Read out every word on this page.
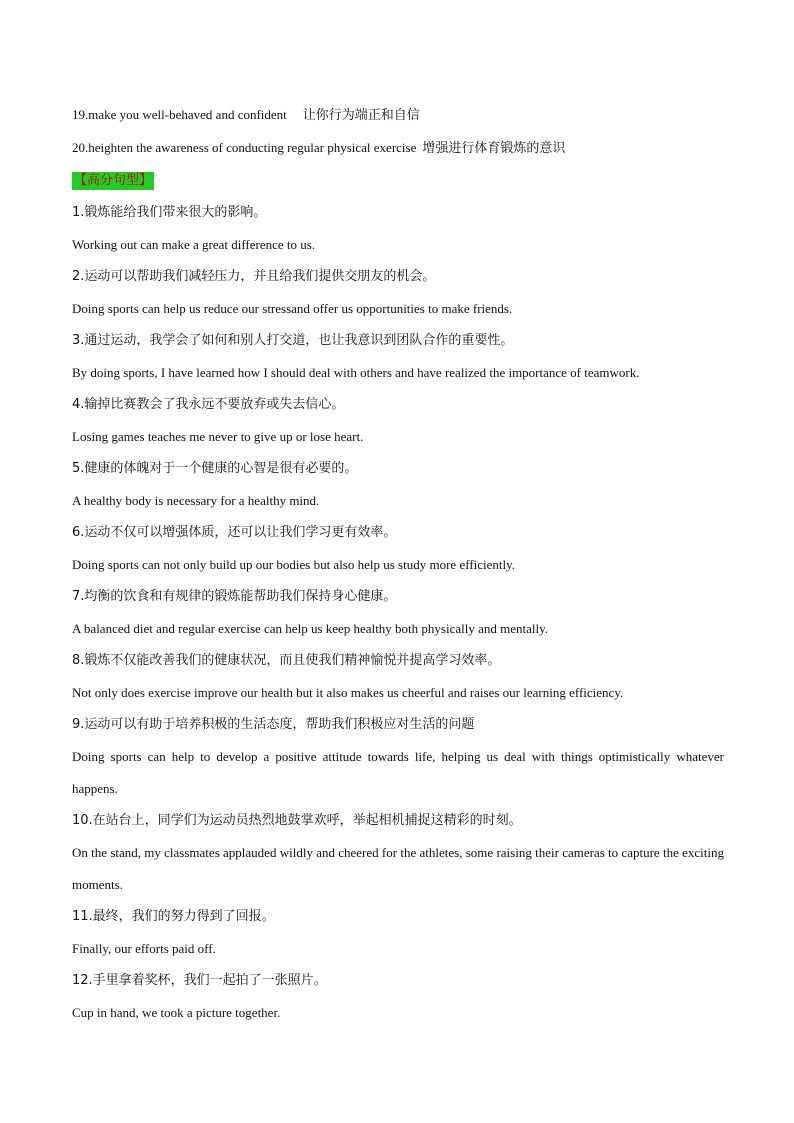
19.make you well-behaved and confident 让你行为端正和自信
20.heighten the awareness of conducting regular physical exercise 增强进行体育锻炼的意识
【高分句型】
1.锻炼能给我们带来很大的影响。
Working out can make a great difference to us.
2.运动可以帮助我们减轻压力，并且给我们提供交朋友的机会。
Doing sports can help us reduce our stressand offer us opportunities to make friends.
3.通过运动，我学会了如何和别人打交道，也让我意识到团队合作的重要性。
By doing sports, I have learned how I should deal with others and have realized the importance of teamwork.
4.输掉比赛教会了我永远不要放弃或失去信心。
Losing games teaches me never to give up or lose heart.
5.健康的体魄对于一个健康的心智是很有必要的。
A healthy body is necessary for a healthy mind.
6.运动不仅可以增强体质，还可以让我们学习更有效率。
Doing sports can not only build up our bodies but also help us study more efficiently.
7.均衡的饮食和有规律的锻炼能帮助我们保持身心健康。
A balanced diet and regular exercise can help us keep healthy both physically and mentally.
8.锻炼不仅能改善我们的健康状况，而且使我们精神愉悦并提高学习效率。
Not only does exercise improve our health but it also makes us cheerful and raises our learning efficiency.
9.运动可以有助于培养积极的生活态度，帮助我们积极应对生活的问题
Doing sports can help to develop a positive attitude towards life, helping us deal with things optimistically whatever happens.
10.在站台上，同学们为运动员热烈地鼓掌欢呼，举起相机捕捉这精彩的时刻。
On the stand, my classmates applauded wildly and cheered for the athletes, some raising their cameras to capture the exciting moments.
11.最终，我们的努力得到了回报。
Finally, our efforts paid off.
12.手里拿着奖杯，我们一起拍了一张照片。
Cup in hand, we took a picture together.
